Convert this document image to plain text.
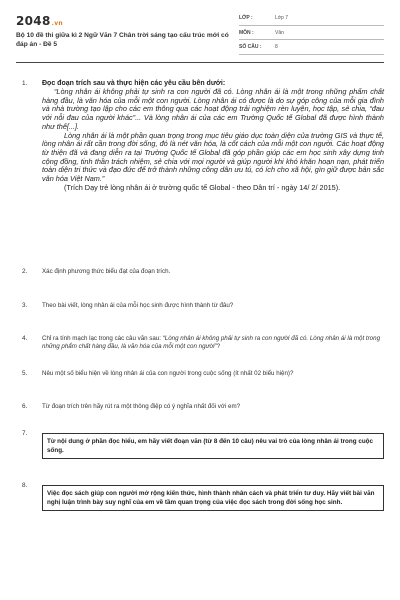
2048.vn
Bộ 10 đề thi giữa kì 2 Ngữ Văn 7 Chân trời sáng tạo cấu trúc mới có đáp án - Đề 5
LỚP :	Lớp 7
MÔN :	Văn
SỐ CÂU :	8
1. Đọc đoạn trích sau và thực hiện các yêu cầu bên dưới:

“Lòng nhân ái không phải tự sinh ra con người đã có. Lòng nhân ái là một trong những phẩm chất hàng đầu, là văn hóa của mỗi một con người. Lòng nhân ái có được là do sự góp công của mỗi gia đình và nhà trường tạo lập cho các em thông qua các hoạt động trải nghiệm rèn luyện, học tập, sẻ chia, “đau với nỗi đau của người khác”... Và lòng nhân ái của các em Trường Quốc tế Global đã được hình thành như thế[...].

Lòng nhân ái là một phần quan trọng trong mục tiêu giáo dục toàn diện của trường GIS và thực tế, lòng nhân ái rất cần trong đời sống, đó là nét văn hóa, là cốt cách của mỗi một con người. Các hoạt động từ thiện đã và đang diễn ra tại Trường Quốc tế Global đã góp phần giúp các em học sinh xây dựng tinh cộng đồng, tinh thần trách nhiệm, sẻ chia với mọi người và giúp người khi khó khăn hoạn nạn, phát triển toàn diện tri thức và đạo đức để trở thành những công dân ưu tú, có ích cho xã hội, gìn giữ được bản sắc văn hóa Việt Nam.”

(Trích Dạy trẻ lòng nhân ái ở trường quốc tế Global - theo Dân trí - ngày 14/ 2/ 2015).
2. Xác định phương thức biểu đạt của đoạn trích.
3. Theo bài viết, lòng nhân ái của mỗi học sinh được hình thành từ đâu?
4. Chỉ ra tính mạch lạc trong các câu văn sau: “Lòng nhân ái không phải tự sinh ra con người đã có. Lòng nhân ái là một trong những phẩm chất hàng đầu, là văn hóa của mỗi một con người”?
5. Nêu một số biểu hiện về lòng nhân ái của con người trong cuộc sống (ít nhất 02 biểu hiện)?
6. Từ đoạn trích trên hãy rút ra một thông điệp có ý nghĩa nhất đối với em?
7.
Từ nội dung ở phần đọc hiểu, em hãy viết đoạn văn (từ 8 đến 10 câu) nêu vai trò của lòng nhân ái trong cuộc sống.
8.
Việc đọc sách giúp con người mở rộng kiến thức, hình thành nhân cách và phát triển tư duy. Hãy viết bài văn nghị luận trình bày suy nghĩ của em về tầm quan trọng của việc đọc sách trong đời sống học sinh.
